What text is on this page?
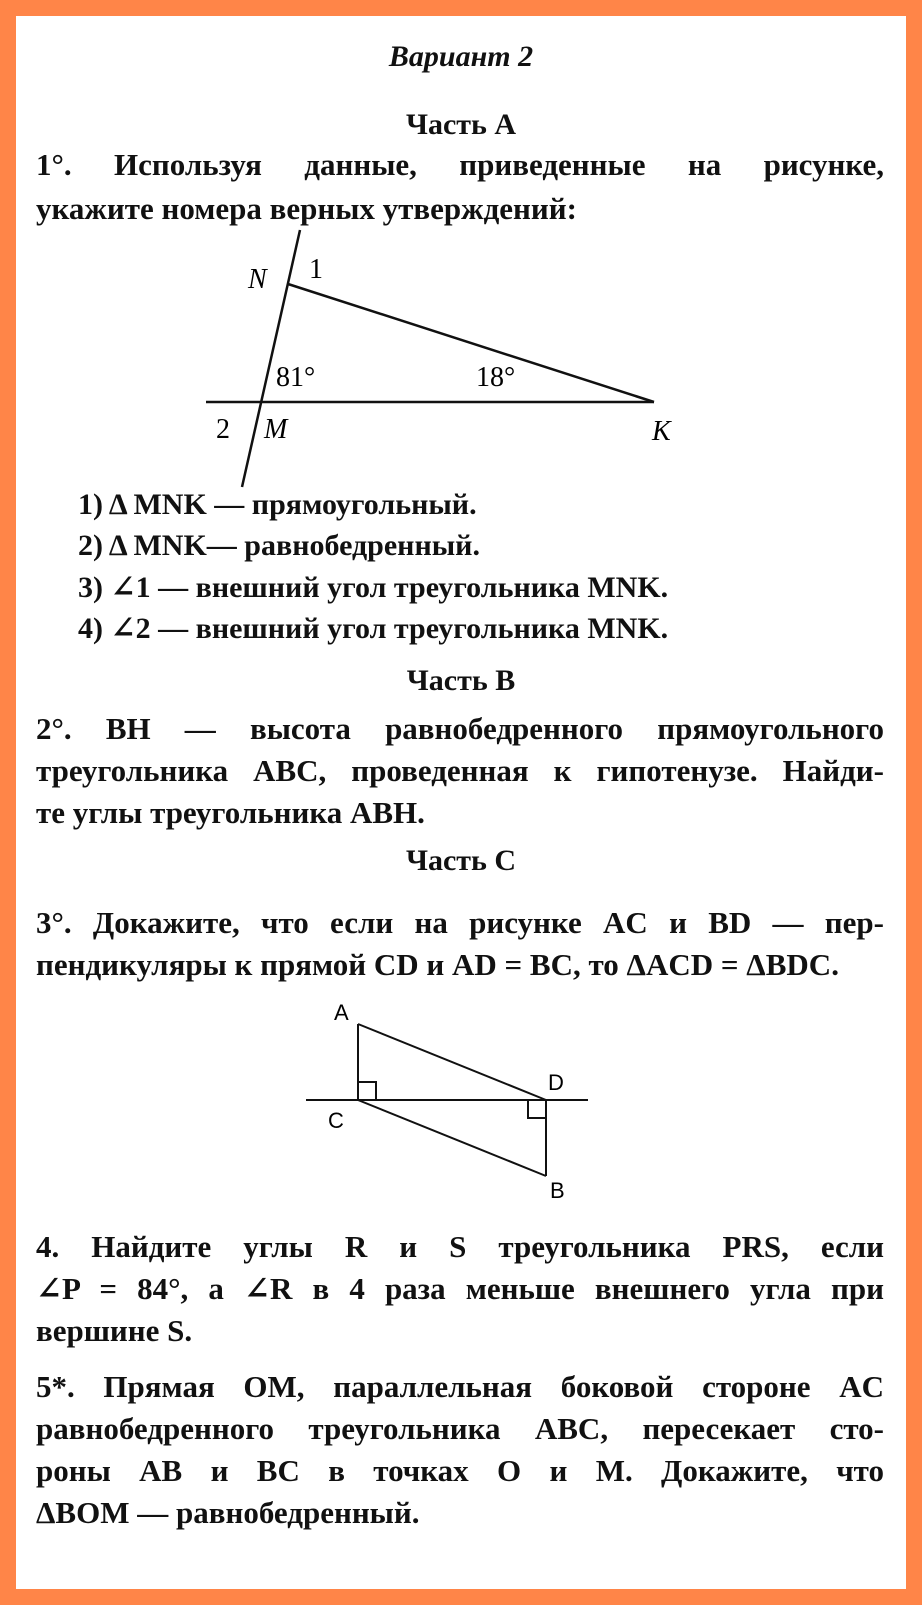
Вариант 2
Часть А
1°. Используя данные, приведенные на рисунке,
укажите номера верных утверждений:
N 1
81°	18°
2 M	K
1) Δ MNK — прямоугольный.
2) Δ MNK— равнобедренный.
3) ∠1 — внешний угол треугольника MNK.
4) ∠2 — внешний угол треугольника MNK.
Часть В
2°. BH — высота равнобедренного прямоугольного
треугольника ABC, проведенная к гипотенузе. Найди-
те углы треугольника ABH.
Часть С
3°. Докажите, что если на рисунке AC и BD — пер-
пендикуляры к прямой CD и AD = BC, то ΔACD = ΔBDC.
A
C
D
B
4. Найдите углы R и S треугольника PRS, если
∠P = 84°, а ∠R в 4 раза меньше внешнего угла при
вершине S.
5*. Прямая OM, параллельная боковой стороне AC
равнобедренного треугольника ABC, пересекает сто-
роны AB и BC в точках O и M. Докажите, что
ΔBOM — равнобедренный.
